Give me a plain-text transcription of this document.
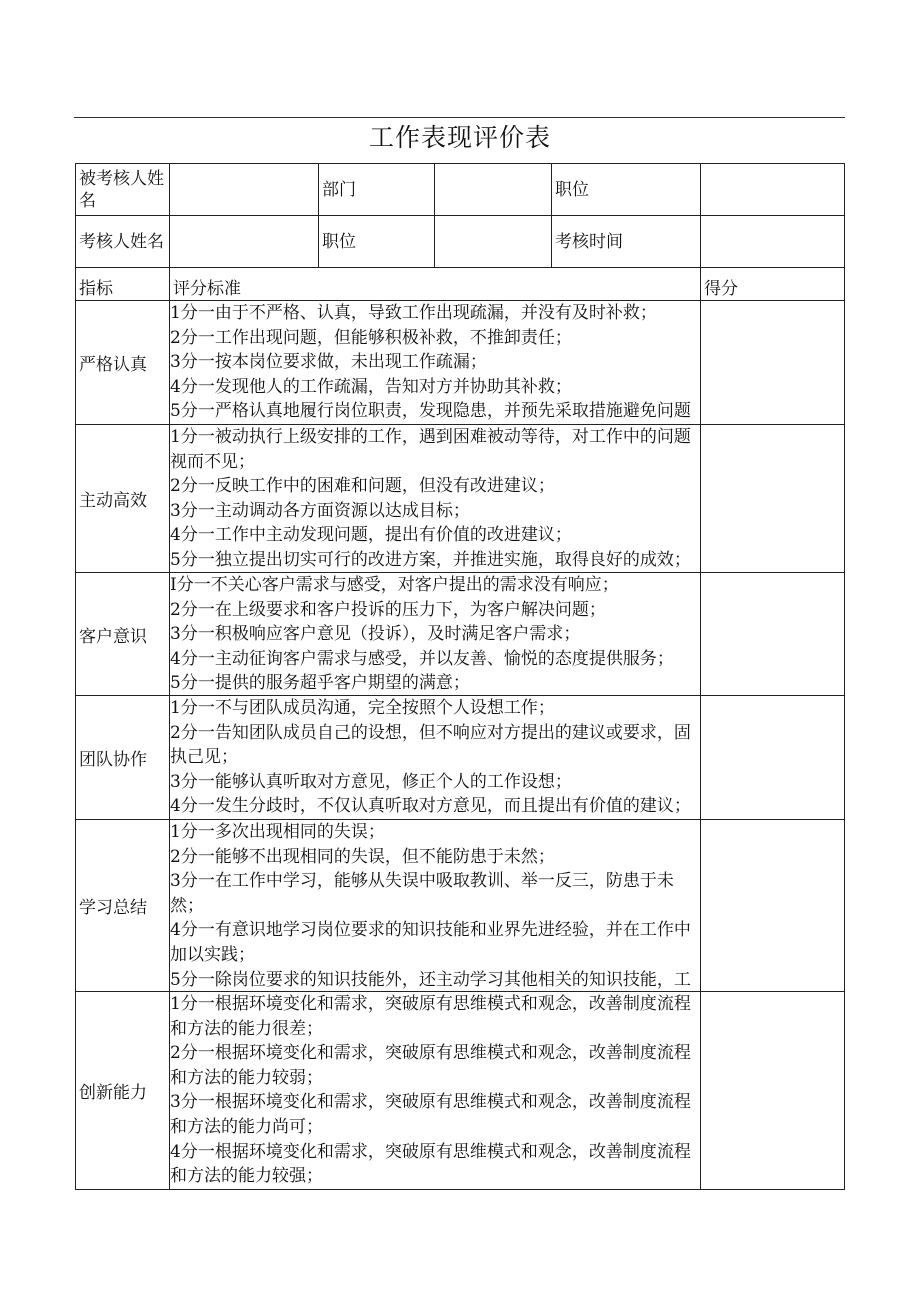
工作表现评价表
被考核人姓名		部门		职位	

考核人姓名		职位		考核时间	

指标	评分标准				得分

严格认真	1分一由于不严格、认真，导致工作出现疏漏，并没有及时补救；
2分一工作出现问题，但能够积极补救，不推卸责任；
3分一按本岗位要求做，未出现工作疏漏；
4分一发现他人的工作疏漏，告知对方并协助其补救；
5分一严格认真地履行岗位职责，发现隐患，并预先采取措施避免问题				

主动高效	1分一被动执行上级安排的工作，遇到困难被动等待，对工作中的问题视而不见；
2分一反映工作中的困难和问题，但没有改进建议；
3分一主动调动各方面资源以达成目标；
4分一工作中主动发现问题，提出有价值的改进建议；
5分一独立提出切实可行的改进方案，并推进实施，取得良好的成效；				

客户意识	I分一不关心客户需求与感受，对客户提出的需求没有响应；
2分一在上级要求和客户投诉的压力下，为客户解决问题；
3分一积极响应客户意见（投诉），及时满足客户需求；
4分一主动征询客户需求与感受，并以友善、愉悦的态度提供服务；
5分一提供的服务超乎客户期望的满意；				

团队协作	1分一不与团队成员沟通，完全按照个人设想工作；
2分一告知团队成员自己的设想，但不响应对方提出的建议或要求，固执己见；
3分一能够认真听取对方意见，修正个人的工作设想；
4分一发生分歧时，不仅认真听取对方意见，而且提出有价值的建议；				

学习总结	1分一多次出现相同的失误；
2分一能够不出现相同的失误，但不能防患于未然；
3分一在工作中学习，能够从失误中吸取教训、举一反三，防患于未然；
4分一有意识地学习岗位要求的知识技能和业界先进经验，并在工作中加以实践；
5分一除岗位要求的知识技能外，还主动学习其他相关的知识技能，工				

创新能力	1分一根据环境变化和需求，突破原有思维模式和观念，改善制度流程和方法的能力很差；
2分一根据环境变化和需求，突破原有思维模式和观念，改善制度流程和方法的能力较弱；
3分一根据环境变化和需求，突破原有思维模式和观念，改善制度流程和方法的能力尚可；
4分一根据环境变化和需求，突破原有思维模式和观念，改善制度流程和方法的能力较强；				
